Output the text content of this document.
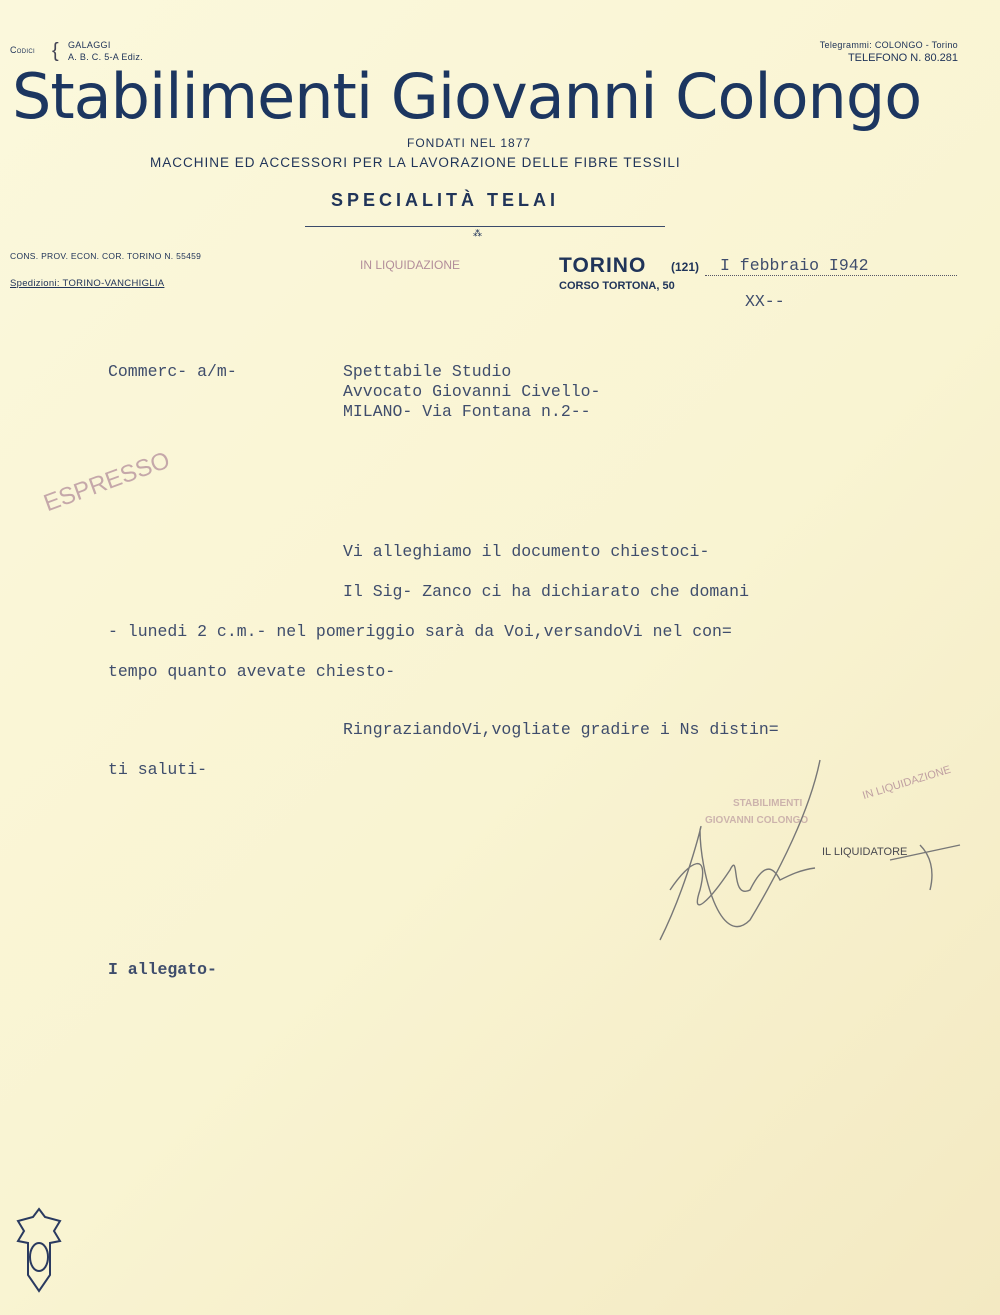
Codici { GALAGGI
A. B. C. 5-A Ediz.
Telegrammi: COLONGO - Torino
TELEFONO N. 80.281
Stabilimenti Giovanni Colongo
FONDATI NEL 1877
MACCHINE ED ACCESSORI PER LA LAVORAZIONE DELLE FIBRE TESSILI
SPECIALITÀ TELAI
⁂
CONS. PROV. ECON. COR. TORINO N. 55459
Spedizioni: TORINO-VANCHIGLIA
IN LIQUIDAZIONE	TORINO (121) I febbraio I942
CORSO TORTONA, 50
XX--
Commerc- a/m-	Spettabile Studio
Avvocato Giovanni Civello-
MILANO- Via Fontana n.2--
ESPRESSO
Vi alleghiamo il documento chiestoci-
Il Sig- Zanco ci ha dichiarato che domani
- lunedi 2 c.m.- nel pomeriggio sarà da Voi,versandoVi nel con=
tempo quanto avevate chiesto-
RingraziandoVi,vogliate gradire i Ns distin=
ti saluti-	IN LIQUIDAZIONE
STABILIMENTI
GIOVANNI COLONGO
IL LIQUIDATORE
I allegato-
